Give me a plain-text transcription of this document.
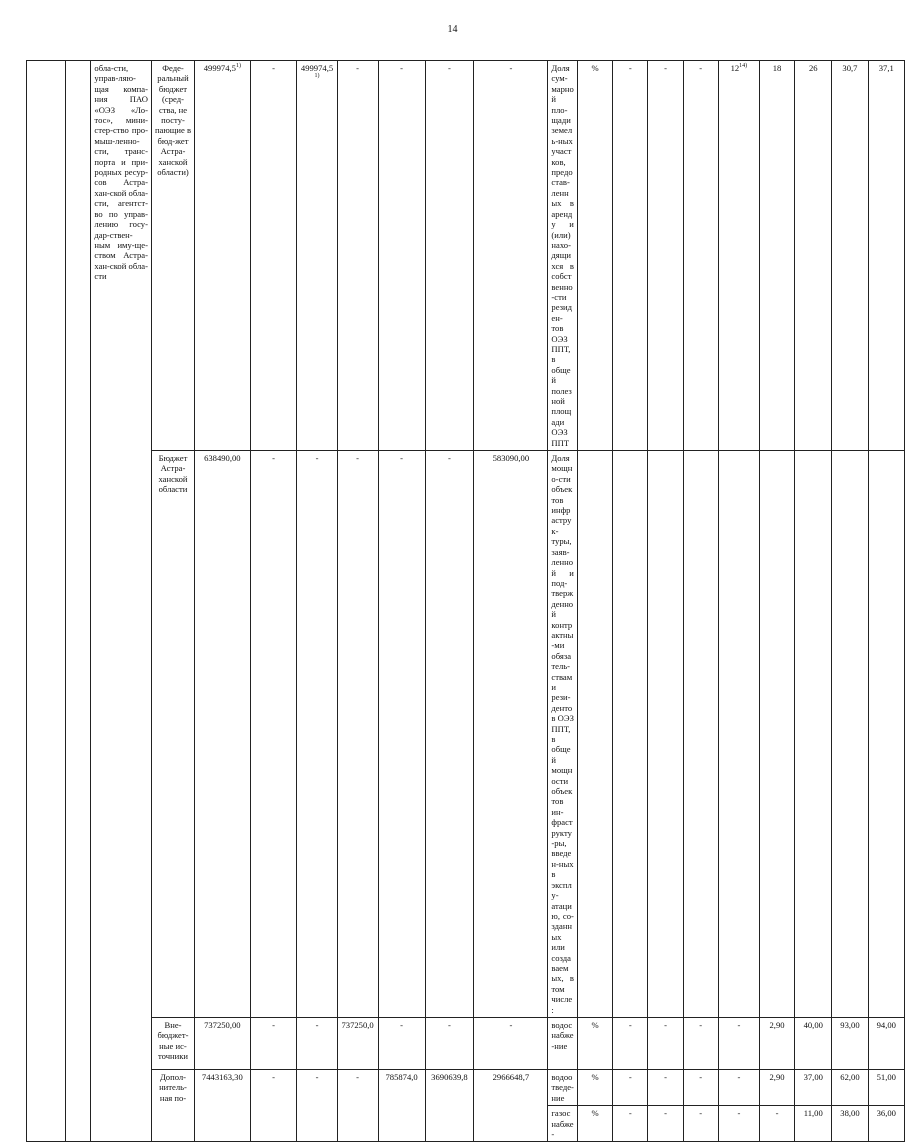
14
		обла-сти, управ-ляю-щая компа-ния ПАО «ОЭЗ «Ло-тос», мини-стер-ство про-мыш-ленно-сти, транс-порта и при-родных ресур-сов Астра-хан-ской обла-сти, агентст-во по управ-лению госу-дар-ствен-ным иму-ще-ством Астра-хан-ской обла-сти	Феде-ральный бюджет (сред-ства, не посту-пающие в бюд-жет Астра-ханской области)	499974,5$^{1)}$	-	499974,5$^{1)}$	-	-	-	-	Доля сум-марной пло-щади земель-ных участков, предостав-ленных в аренду и (или) нахо-дящихся в собственно-сти резиден-тов ОЭЗ ППТ, в общей полезной площади ОЭЗ ППТ	%	-	-	-	12$^{14)}$	18	26	30,7	37,1
			Бюджет Астра-ханской области	638490,00	-	-	-	-	-	583090,00	Доля мощно-сти объектов инфраструк-туры, заяв-ленной и под-твержденной контрактны-ми обязатель-ствами рези-дентов ОЭЗ ППТ, в общей мощности объектов ин-фраструкту-ры, введен-ных в эксплу-атацию, со-зданных или создаваемых, в том числе:									
			Вне-бюджет-ные ис-точники	737250,00	-	-	737250,0	-	-	-	водоснабже-ние	%	-	-	-	-	2,90	40,00	93,00	94,00
			Допол-нитель-ная по-	7443163,30	-	-	-	785874,0	3690639,8	2966648,7	водоотведе-ние	%	-	-	-	-	2,90	37,00	62,00	51,00
											газоснабже-	%	-	-	-	-	-	11,00	38,00	36,00
